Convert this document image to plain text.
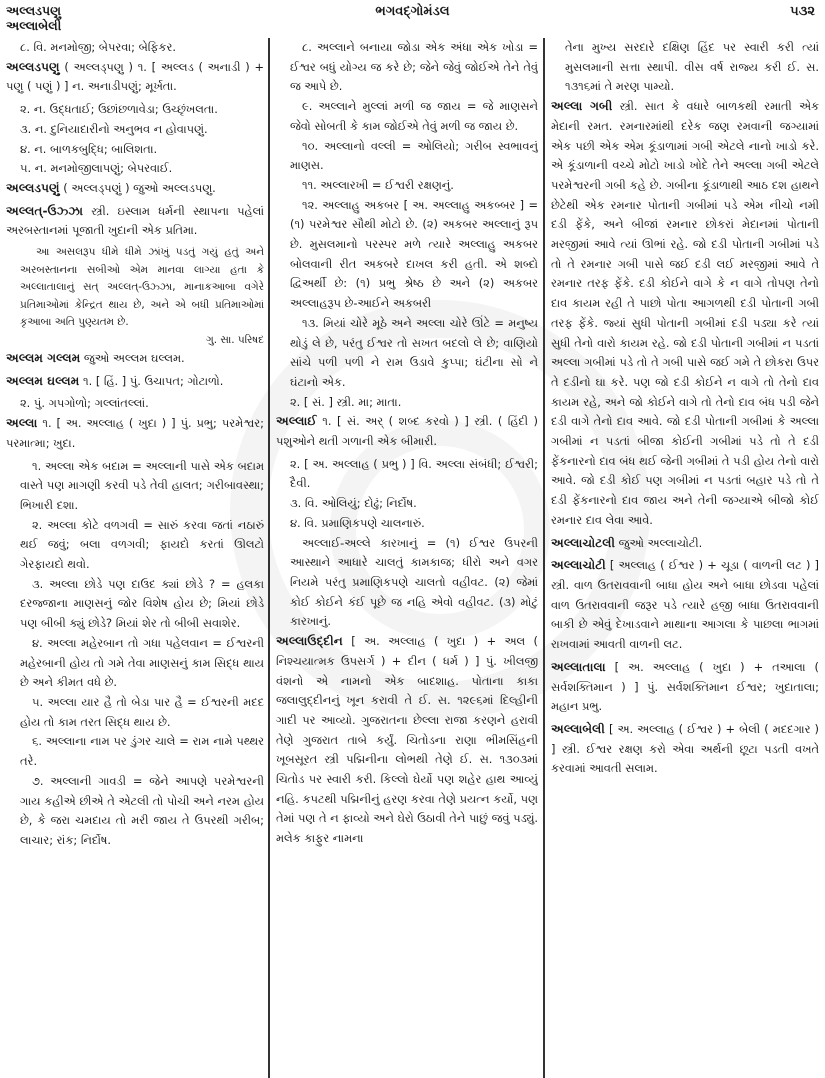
અલ્લડપણુ
અલ્લાબેલી
ભગવદ્ગોમંડલ	૫૩૨

૮. વિ. મનમોજી; બેપરવા; બેફિકર.

અલ્લડપણુ ( અલ્લડ્પણુ ) ૧. [ અલ્લડ ( અનાડી ) + પણુ ( પણું ) ] ન. અનાડીપણું; મૂર્ખતા.

૨. ન. ઉદ્ધતાઈ; ઉછાંછળાવેડા; ઉચ્છૃંખલતા.

૩. ન. દુનિયાદારીનો અનુભવ ન હોવાપણું.

૪. ન. બાળકબુદ્ધિ; બાલિશતા.

૫. ન. મનમોજીલાપણું; બેપરવાઈ.

અલ્લડપણું ( અલ્લડ્પણું ) જુઓ અલ્લડપણુ.

અલ્લત્-ઉઝ્ઝા સ્ત્રી. ઇસ્લામ ધર્મની સ્થાપના પહેલાં અરબસ્તાનમાં પૂજાતી ખુદાની એક પ્રતિમા.

આ અસલરૂપ ધીમે ધીમે ઝાંખું પડતું ગયું હતું અને અરબસ્તાનના સબીઓ એમ માનવા લાગ્યા હતા કે અલ્લાતાલાનું સત્ અલ્લત્-ઉઝ્ઝા, માનાકઆબા વગેરે પ્રતિમાઓમાં કેન્દ્રિત થાય છે, અને એ બધી પ્રતિમાઓમાં કૃઆબા અતિ પુણ્યતમ છે.
ગુ. સા. પરિષદ

અલ્લમ ગલ્લમ જુઓ અલ્લમ ઘલ્લમ.

અલ્લમ ઘલ્લમ ૧. [ હિં. ] પું. ઉચાપત; ગોટાળો.

૨. પું. ગપગોળો; ગલ્લાંતલ્લાં.

અલ્લા ૧. [ અ. અલ્લાહ ( ખુદા ) ] પું. પ્રભુ; પરમેશ્વર; પરમાત્મા; ખુદા.

૧. અલ્લા એક બદામ = અલ્લાની પાસે એક બદામ વાસ્તે પણ માગણી કરવી પડે તેવી હાલત; ગરીબાવસ્થા; ભિખારી દશા.

૨. અલ્લા કોટે વળગવી = સારું કરવા જતાં નઠારું થઈ જવું; બલા વળગવી; ફાયદો કરતાં ઊલટો ગેરફાયદો થવો.

૩. અલ્લા છોડે પણ દાઉદ ક્યાં છોડે ? = હલકા દરજ્જાના માણસનું જોર વિશેષ હોય છે; મિયાં છોડે પણ બીબી ક્યું છોડે? મિયાં શેર તો બીબી સવાશેર.

૪. અલ્લા મહેરબાન તો ગધા પહેલવાન = ઈશ્વરની મહેરબાની હોય તો ગમે તેવા માણસનું કામ સિદ્ધ થાય છે અને કીમત વધે છે.

૫. અલ્લા યાર હૈ તો બેડા પાર હૈ = ઈશ્વરની મદદ હોય તો કામ તરત સિદ્ધ થાય છે.

૬. અલ્લાના નામ પર ડુંગર ચાલે = રામ નામે પથ્થર તરે.

૭. અલ્લાની ગાવડી = જેને આપણે પરમેશ્વરની ગાય કહીએ છીએ તે એટલી તો પોચી અને નરમ હોય છે, કે જરા ચમદાય તો મરી જાય તે ઉપરથી ગરીબ; લાચાર; રાંક; નિર્દોષ.

૮. અલ્લાને બનાયા જોડા એક અંધા એક ખોડા = ઈશ્વર બધું યોગ્ય જ કરે છે; જેને જેવું જોઈએ તેને તેવું જ આપે છે.

૯. અલ્લાને મુલ્લાં મળી જ જાય = જે માણસને જેવો સોબતી કે કામ જોઈએ તેવું મળી જ જાય છે.

૧૦. અલ્લાનો વલ્લી = ઓલિયો; ગરીબ સ્વભાવનું માણસ.

૧૧. અલ્લારખી = ઈશ્વરી રક્ષણનું.

૧૨. અલ્લાહુ અકબર [ અ. અલ્લાહુ અકબ્બર ] = (૧) પરમેશ્વર સૌથી મોટો છે. (૨) અકબર અલ્લાનું રૂપ છે. મુસલમાનો પરસ્પર મળે ત્યારે અલ્લાહુ અકબર બોલવાની રીત અકબરે દાખલ કરી હતી. એ શબ્દો દ્વિઅર્થી છે: (૧) પ્રભુ શ્રેષ્ઠ છે અને (૨) અકબર અલ્લાહરૂપ છે-આઈને અકબરી

૧૩. મિયાં ચોરે મૂઠે અને અલ્લા ચોરે ઊંટે = મનુષ્ય થોડું લે છે, પરંતુ ઈશ્વર તો સખત બદલો લે છે; વાણિયો સાંચે પળી પળી ને રામ ઉડાવે કુપ્પા; ઘંટીના સો ને ઘંટાનો એક.

૨. [ સં. ] સ્ત્રી. મા; માતા.

અલ્લાઈ ૧. [ સં. અર્ ( શબ્દ કરવો ) ] સ્ત્રી. ( હિંદી ) પશુઓને થતી ગળાની એક બીમારી.

૨. [ અ. અલ્લાહ ( પ્રભુ ) ] વિ. અલ્લા સંબંધી; ઈશ્વરી; દૈવી.

૩. વિ. ઓલિયું; દોઢું; નિર્દોષ.

૪. વિ. પ્રમાણિકપણે ચાલનારું.

અલ્લાઈ-અલ્લે કારખાનું = (૧) ઈશ્વર ઉપરની આસ્થાને આધારે ચાલતું કામકાજ; ધીરો અને વગર નિયમે પરંતુ પ્રમાણિકપણે ચાલતો વહીવટ. (૨) જેમાં કોઈ કોઈને કંઈ પૂછે જ નહિ એવો વહીવટ. (૩) મોટું કારખાનું.

અલ્લાઉદ્દીન [ અ. અલ્લાહ ( ખુદા ) + અલ ( નિશ્ચયાત્મક ઉપસર્ગ ) + દીન ( ધર્મ ) ] પું. ખીલજી વંશનો એ નામનો એક બાદશાહ. પોતાના કાકા જલાલુદ્દીનનું ખૂન કરાવી તે ઈ. સ. ૧૨૯૬માં દિલ્હીની ગાદી પર આવ્યો. ગુજરાતના છેલ્લા રાજા કરણને હરાવી તેણે ગુજરાત તાબે કર્યું. ચિતોડના રાણા ભીમસિંહની ખૂબસૂરત સ્ત્રી પદ્મિનીના લોભથી તેણે ઈ. સ. ૧૩૦૩માં ચિતોડ પર સ્વારી કરી. કિલ્લો ઘેર્યો પણ શહેર હાથ આવ્યું નહિ. કપટથી પદ્મિનીનું હરણ કરવા તેણે પ્રયત્ન કર્યો, પણ તેમાં પણ તે ન ફાવ્યો અને ઘેરો ઉઠાવી તેને પાછું જવું પડ્યું. મલેક કાફુર નામના

તેના મુખ્ય સરદારે દક્ષિણ હિંદ પર સ્વારી કરી ત્યાં મુસલમાની સત્તા સ્થાપી. વીસ વર્ષ રાજ્ય કરી ઈ. સ. ૧૩૧૬માં તે મરણ પામ્યો.

અલ્લા ગબી સ્ત્રી. સાત કે વધારે બાળકથી રમાતી એક મેદાની રમત. રમનારમાંથી દરેક જણ રમવાની જગ્યામાં એક પછી એક એમ કૂંડાળામાં ગબી એટલે નાનો ખાડો કરે. એ કૂંડાળાની વચ્ચે મોટો ખાડો ખોદે તેને અલ્લા ગબી એટલે પરમેશ્વરની ગબી કહે છે. ગબીના કૂંડાળાથી આઠ દશ હાથને છેટેથી એક રમનાર પોતાની ગબીમાં પડે એમ નીચો નમી દડી ફેંકે, અને બીજાં રમનાર છોકરાં મેદાનમાં પોતાની મરજીમાં આવે ત્યાં ઊભાં રહે. જો દડી પોતાની ગબીમાં પડે તો તે રમનાર ગબી પાસે જઈ દડી લઈ મરજીમાં આવે તે રમનાર તરફ ફેંકે. દડી કોઈને વાગે કે ન વાગે તોપણ તેનો દાવ કાયમ રહી તે પાછો પોતા આગળથી દડી પોતાની ગબી તરફ ફેંકે. જ્યાં સુધી પોતાની ગબીમાં દડી પડ્યા કરે ત્યાં સુધી તેનો વારો કાયમ રહે. જો દડી પોતાની ગબીમાં ન પડતાં અલ્લા ગબીમાં પડે તો તે ગબી પાસે જઈ ગમે તે છોકરા ઉપર તે દડીનો ઘા કરે. પણ જો દડી કોઈને ન વાગે તો તેનો દાવ કાયમ રહે, અને જો કોઈને વાગે તો તેનો દાવ બંધ પડી જેને દડી વાગે તેનો દાવ આવે. જો દડી પોતાની ગબીમાં કે અલ્લા ગબીમાં ન પડતાં બીજા કોઈની ગબીમાં પડે તો તે દડી ફેંકનારનો દાવ બંધ થઈ જેની ગબીમાં તે પડી હોય તેનો વારો આવે. જો દડી કોઈ પણ ગબીમાં ન પડતાં બહાર પડે તો તે દડી ફેંકનારનો દાવ જાય અને તેની જગ્યાએ બીજો કોઈ રમનાર દાવ લેવા આવે.

અલ્લાચોટલી જુઓ અલ્લાચોટી.

અલ્લાચોટી [ અલ્લાહ ( ઈશ્વર ) + ચૂડા ( વાળની લટ ) ] સ્ત્રી. વાળ ઉતરાવવાની બાધા હોય અને બાધા છોડવા પહેલાં વાળ ઉતરાવવાની જરૂર પડે ત્યારે હજી બાધા ઉતરાવવાની બાકી છે એવું દેખાડવાને માથાના આગલા કે પાછલા ભાગમાં રાખવામાં આવતી વાળની લટ.

અલ્લાતાલા [ અ. અલ્લાહ ( ખુદા ) + તઆલા ( સર્વશક્તિમાન ) ] પું. સર્વશક્તિમાન ઈશ્વર; ખુદાતાલા; મહાન પ્રભુ.

અલ્લાબેલી [ અ. અલ્લાહ ( ઈશ્વર ) + બેલી ( મદદગાર ) ] સ્ત્રી. ઈશ્વર રક્ષણ કરો એવા અર્થની છૂટા પડતી વખતે કરવામાં આવતી સલામ.
